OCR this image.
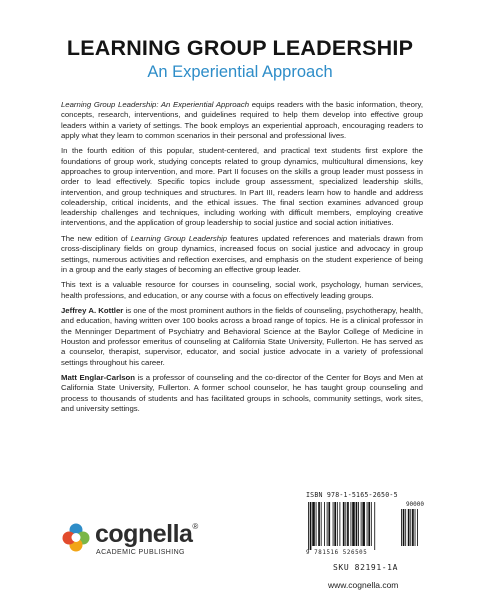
LEARNING GROUP LEADERSHIP
An Experiential Approach

Learning Group Leadership: An Experiential Approach equips readers with the basic information, theory, concepts, research, interventions, and guidelines required to help them develop into effective group leaders within a variety of settings. The book employs an experiential approach, encouraging readers to apply what they learn to common scenarios in their personal and professional lives.

In the fourth edition of this popular, student-centered, and practical text students first explore the foundations of group work, studying concepts related to group dynamics, multicultural dimensions, key approaches to group intervention, and more. Part II focuses on the skills a group leader must possess in order to lead effectively. Specific topics include group assessment, specialized leadership skills, intervention, and group techniques and structures. In Part III, readers learn how to handle and address coleadership, critical incidents, and the ethical issues. The final section examines advanced group leadership challenges and techniques, including working with difficult members, employing creative interventions, and the application of group leadership to social justice and social action initiatives.

The new edition of Learning Group Leadership features updated references and materials drawn from cross-disciplinary fields on group dynamics, increased focus on social justice and advocacy in group settings, numerous activities and reflection exercises, and emphasis on the student experience of being in a group and the early stages of becoming an effective group leader.

This text is a valuable resource for courses in counseling, social work, psychology, human services, health professions, and education, or any course with a focus on effectively leading groups.

Jeffrey A. Kottler is one of the most prominent authors in the fields of counseling, psychotherapy, health, and education, having written over 100 books across a broad range of topics. He is a clinical professor in the Menninger Department of Psychiatry and Behavioral Science at the Baylor College of Medicine in Houston and professor emeritus of counseling at California State University, Fullerton. He has served as a counselor, therapist, supervisor, educator, and social justice advocate in a variety of professional settings throughout his career.

Matt Englar-Carlson is a professor of counseling and the co-director of the Center for Boys and Men at California State University, Fullerton. A former school counselor, he has taught group counseling and process to thousands of students and has facilitated groups in schools, community settings, work sites, and university settings.

cognella®
ACADEMIC PUBLISHING
ISBN 978-1-5165-2650-5
90000
9 781516 526505
SKU 82191-1A
www.cognella.com
